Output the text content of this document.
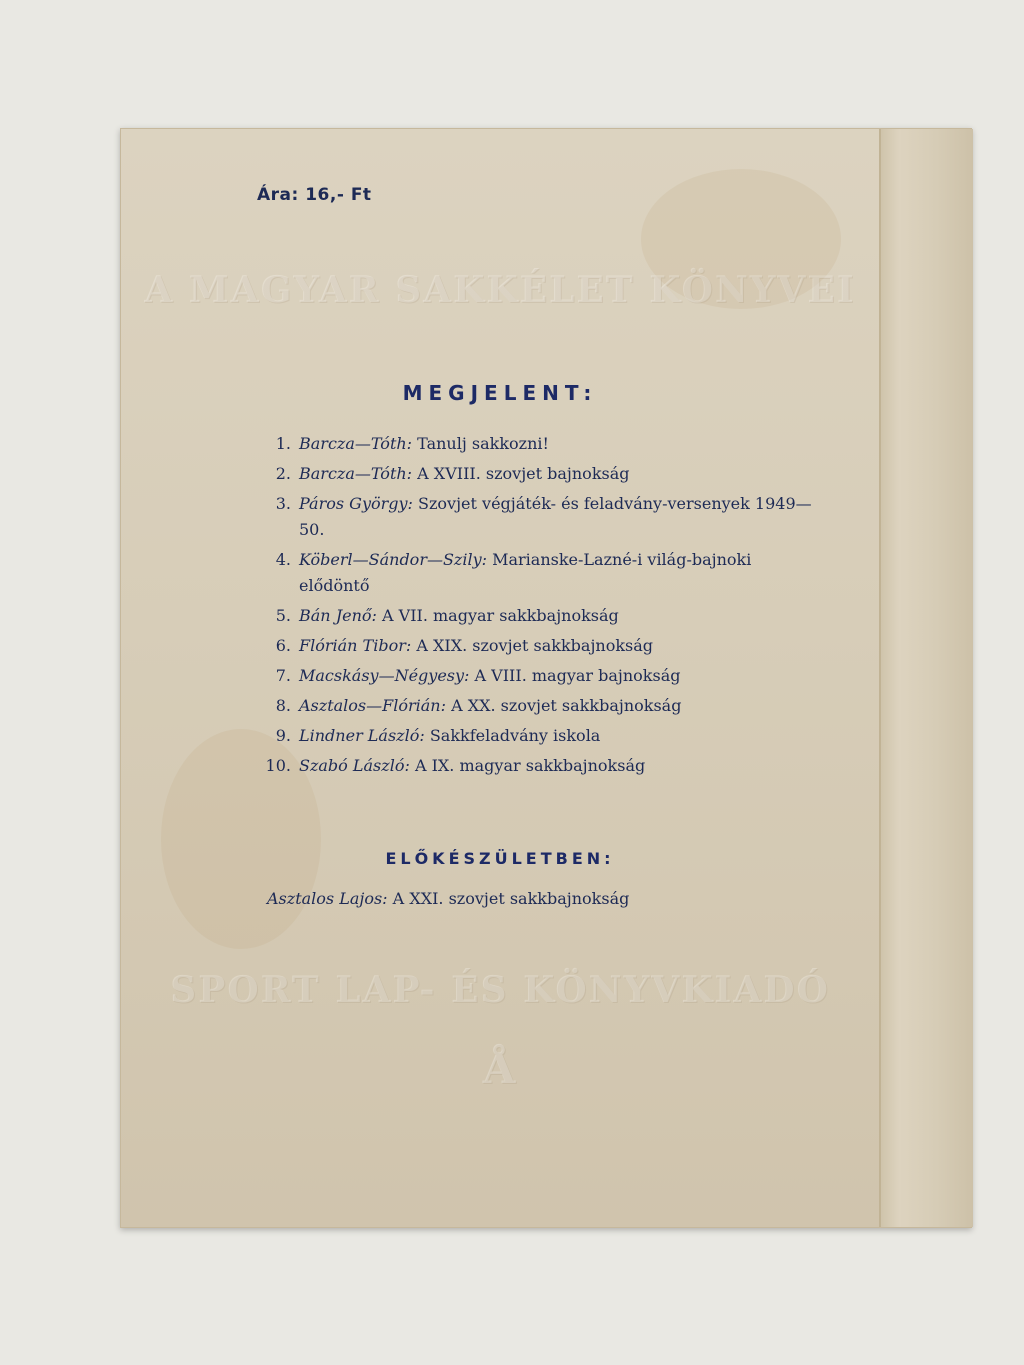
Ára: 16,- Ft
A MAGYAR SAKKÉLET KÖNYVEI
MEGJELENT:
1. Barcza—Tóth: Tanulj sakkozni!
2. Barcza—Tóth: A XVIII. szovjet bajnokság
3. Páros György: Szovjet végjáték- és feladvány-versenyek 1949—50.
4. Köberl—Sándor—Szily: Marianske-Lazné-i világ-bajnoki elődöntő
5. Bán Jenő: A VII. magyar sakkbajnokság
6. Flórián Tibor: A XIX. szovjet sakkbajnokság
7. Macskásy—Négyesy: A VIII. magyar bajnokság
8. Asztalos—Flórián: A XX. szovjet sakkbajnokság
9. Lindner László: Sakkfeladvány iskola
10. Szabó László: A IX. magyar sakkbajnokság
ELŐKÉSZÜLETBEN:
Asztalos Lajos: A XXI. szovjet sakkbajnokság
SPORT LAP- ÉS KÖNYVKIADÓ
Å
